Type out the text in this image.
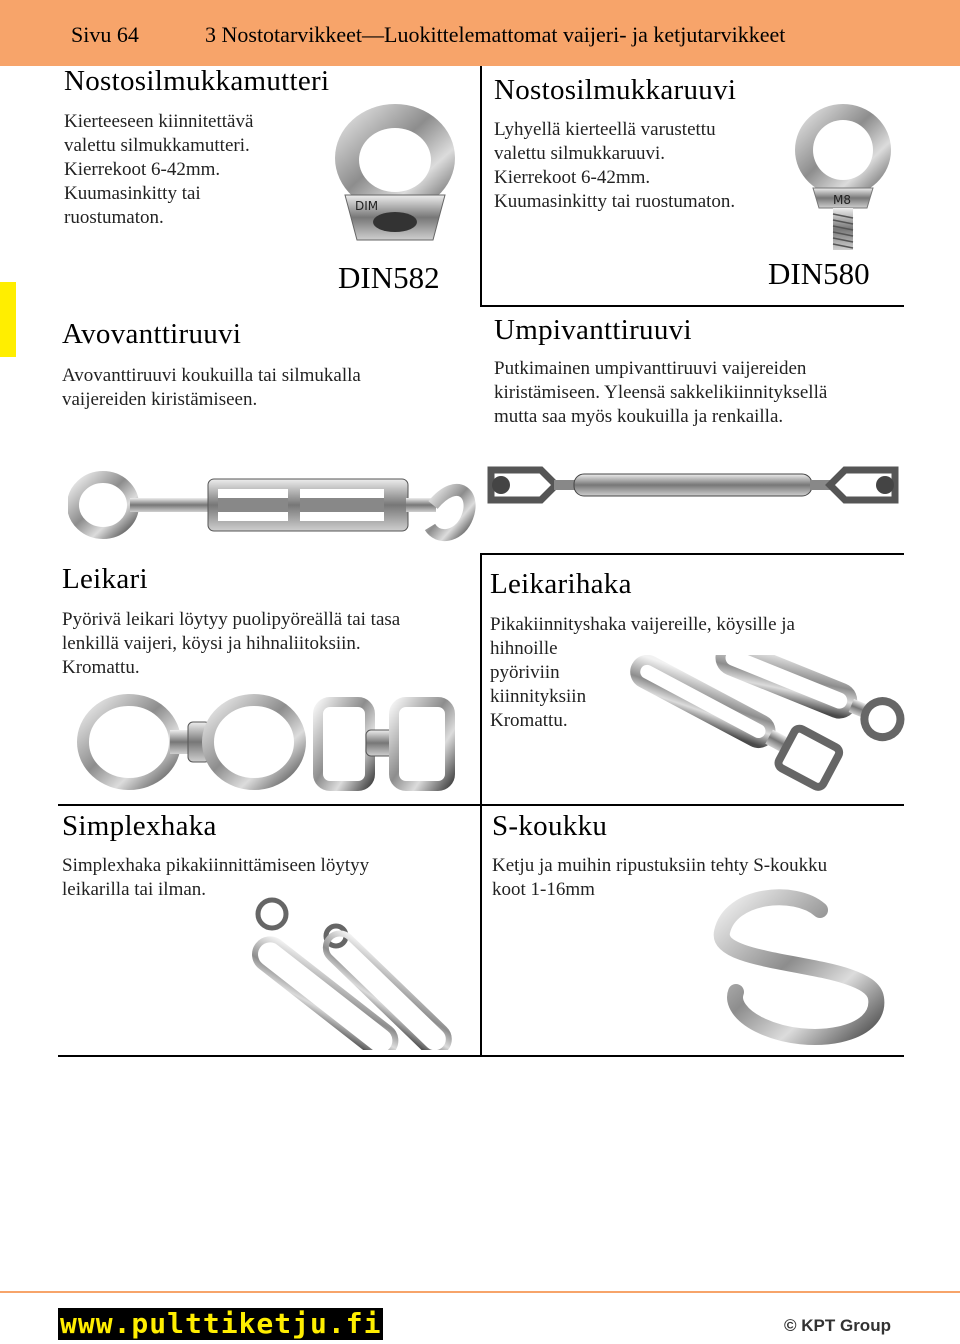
Sivu 64	3 Nostotarvikkeet—Luokittelemattomat vaijeri- ja ketjutarvikkeet
Nostosilmukkamutteri
Kierteeseen kiinnitettävä
valettu silmukkamutteri.
Kierrekoot 6-42mm.
Kuumasinkitty tai
ruostumaton.
DIM
DIN582
Nostosilmukkaruuvi
Lyhyellä kierteellä varustettu
valettu silmukkaruuvi.
Kierrekoot 6-42mm.
Kuumasinkitty tai ruostumaton.	M8
DIN580
Avovanttiruuvi
Avovanttiruuvi koukuilla tai silmukalla
vaijereiden kiristämiseen.
Umpivanttiruuvi
Putkimainen umpivanttiruuvi vaijereiden
kiristämiseen. Yleensä sakkelikiinnityksellä
mutta saa myös koukuilla ja renkailla.
Leikari
Pyörivä leikari löytyy puolipyöreällä tai tasa
lenkillä vaijeri, köysi ja hihnaliitoksiin.
Kromattu.
Leikarihaka
Pikakiinnityshaka vaijereille, köysille ja
hihnoille
pyöriviin
kiinnityksiin
Kromattu.
Simplexhaka
Simplexhaka pikakiinnittämiseen löytyy
leikarilla tai ilman.
S-koukku
Ketju ja muihin ripustuksiin tehty S-koukku
koot 1-16mm
www.pulttiketju.fi	© KPT Group
